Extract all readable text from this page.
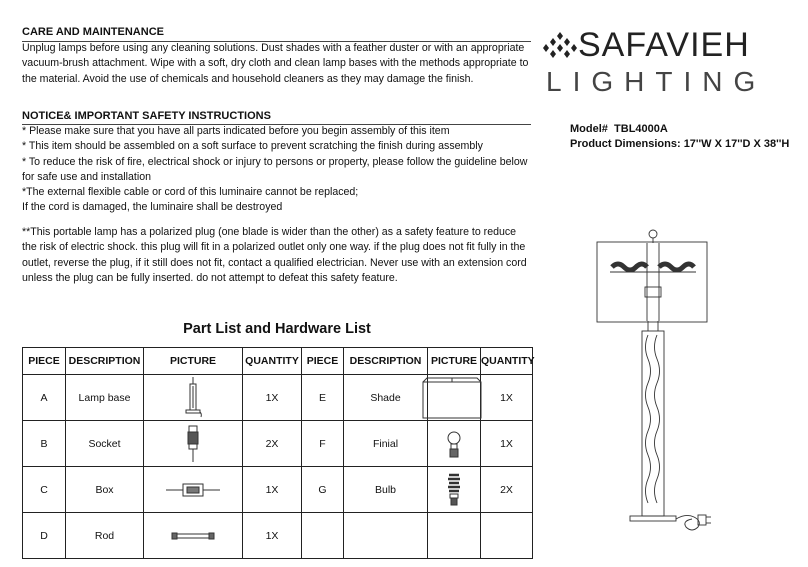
CARE AND MAINTENANCE
Unplug lamps before using any cleaning solutions. Dust shades with a feather duster or with an appropriate
vacuum-brush attachment. Wipe with a soft, dry cloth and clean lamp bases with the methods appropriate to
the material. Avoid the use of chemicals and household cleaners as they may damage the finish.
NOTICE& IMPORTANT SAFETY INSTRUCTIONS
* Please make sure that you have all parts indicated before you begin assembly of this item
* This item should be assembled on a soft surface to prevent scratching the finish during assembly
* To reduce the risk of fire, electrical shock or injury to persons or property, please follow the guideline below
for safe use and installation
*The external flexible cable or cord of this luminaire cannot be replaced;
If the cord is damaged, the luminaire shall be destroyed
**This portable lamp has a polarized plug (one blade is wider than the other) as a safety feature to reduce
the risk of electric shock. this plug will fit in a polarized outlet only one way. if the plug does not fit fully in the
outlet, reverse the plug, if it still does not fit, contact a qualified electrician. Never use with an extension cord
unless the plug can be fully inserted. do not attempt to defeat this safety feature.
SAFAVIEH
LIGHTING
Model# TBL4000A
Product Dimensions: 17''W X 17''D X 38''H
Part List and Hardware List
PIECE	DESCRIPTION	PICTURE	QUANTITY	PIECE	DESCRIPTION	PICTURE	QUANTITY
A	Lamp base		1X	E	Shade		1X
B	Socket		2X	F	Finial		1X
C	Box		1X	G	Bulb		2X
D	Rod		1X				
